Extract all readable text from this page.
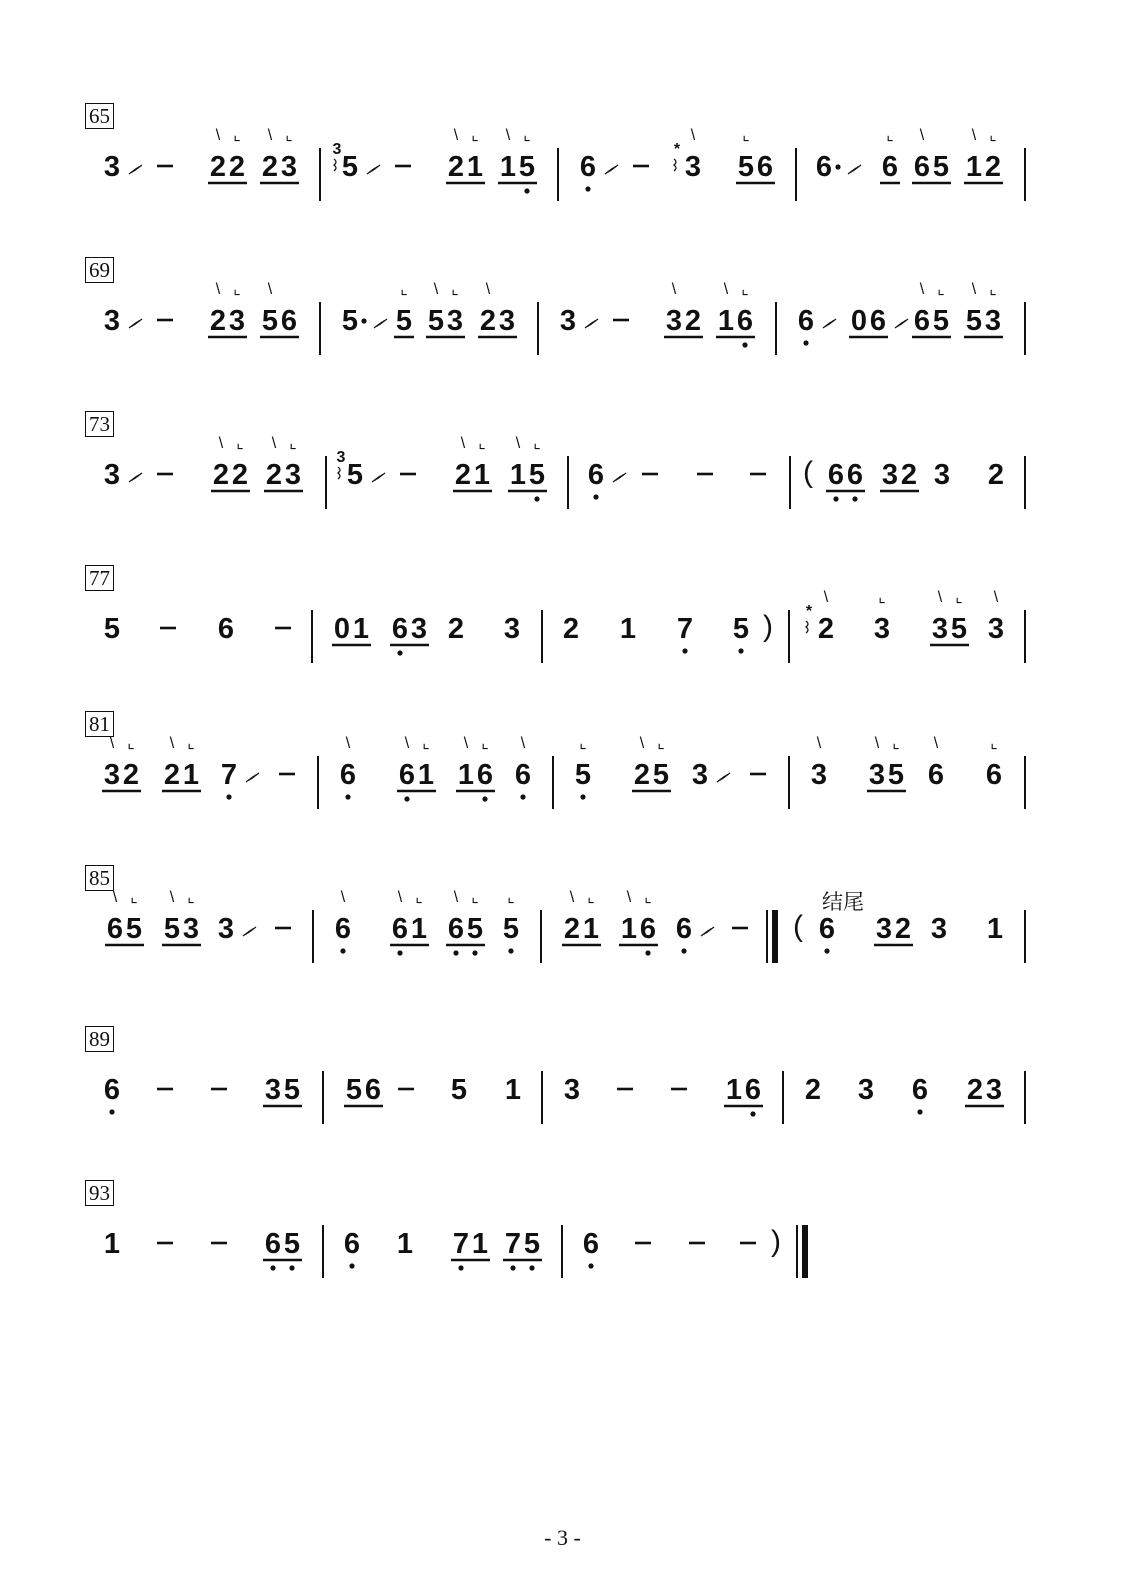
65
3	2
\
2
⌞
2
\
3
⌞
3
5	2
\
1
⌞
1
\
5
⌞
6
*
3
\
5
⌞
6 6 6
⌞
6
\
5 1
\
2
⌞
69
3	2
\
3
⌞
5
\
6 5 5
⌞
5
\
3
⌞
2
\
3 3	3
\
2 1
\
6
⌞
6 0 6 6
\
5
⌞
5
\
3
⌞
73
3	2
\
2
⌞
2
\
3
⌞
3
5	2
\
1
⌞
1
\
5
⌞
6	( 6 6 3 2 3 2
77
5	6	0 1 6 3 2 3 2 1 7 5 ) *
2
\
3
⌞
3
\
5
⌞
3
\
81
3
\
2
⌞
2
\
1
⌞
7	6
\
6
\
1
⌞
1
\
6
⌞
6
\
5
⌞
2
\
5
⌞
3	3
\
3
\
5
⌞
6
\
6
⌞
85
6
\
5
⌞
5
\
3
⌞
3	6
\
6
\
1
⌞
6
\
5
⌞
5
⌞
2
\
1
⌞
1
\
6
⌞
6	( 6 3 2 3 1
结尾
89
6	3 5 5 6 5 1 3	1 6 2 3 6 2 3
93
1	6 5 6 1 7 1 7 5 6	)
- 3 -
